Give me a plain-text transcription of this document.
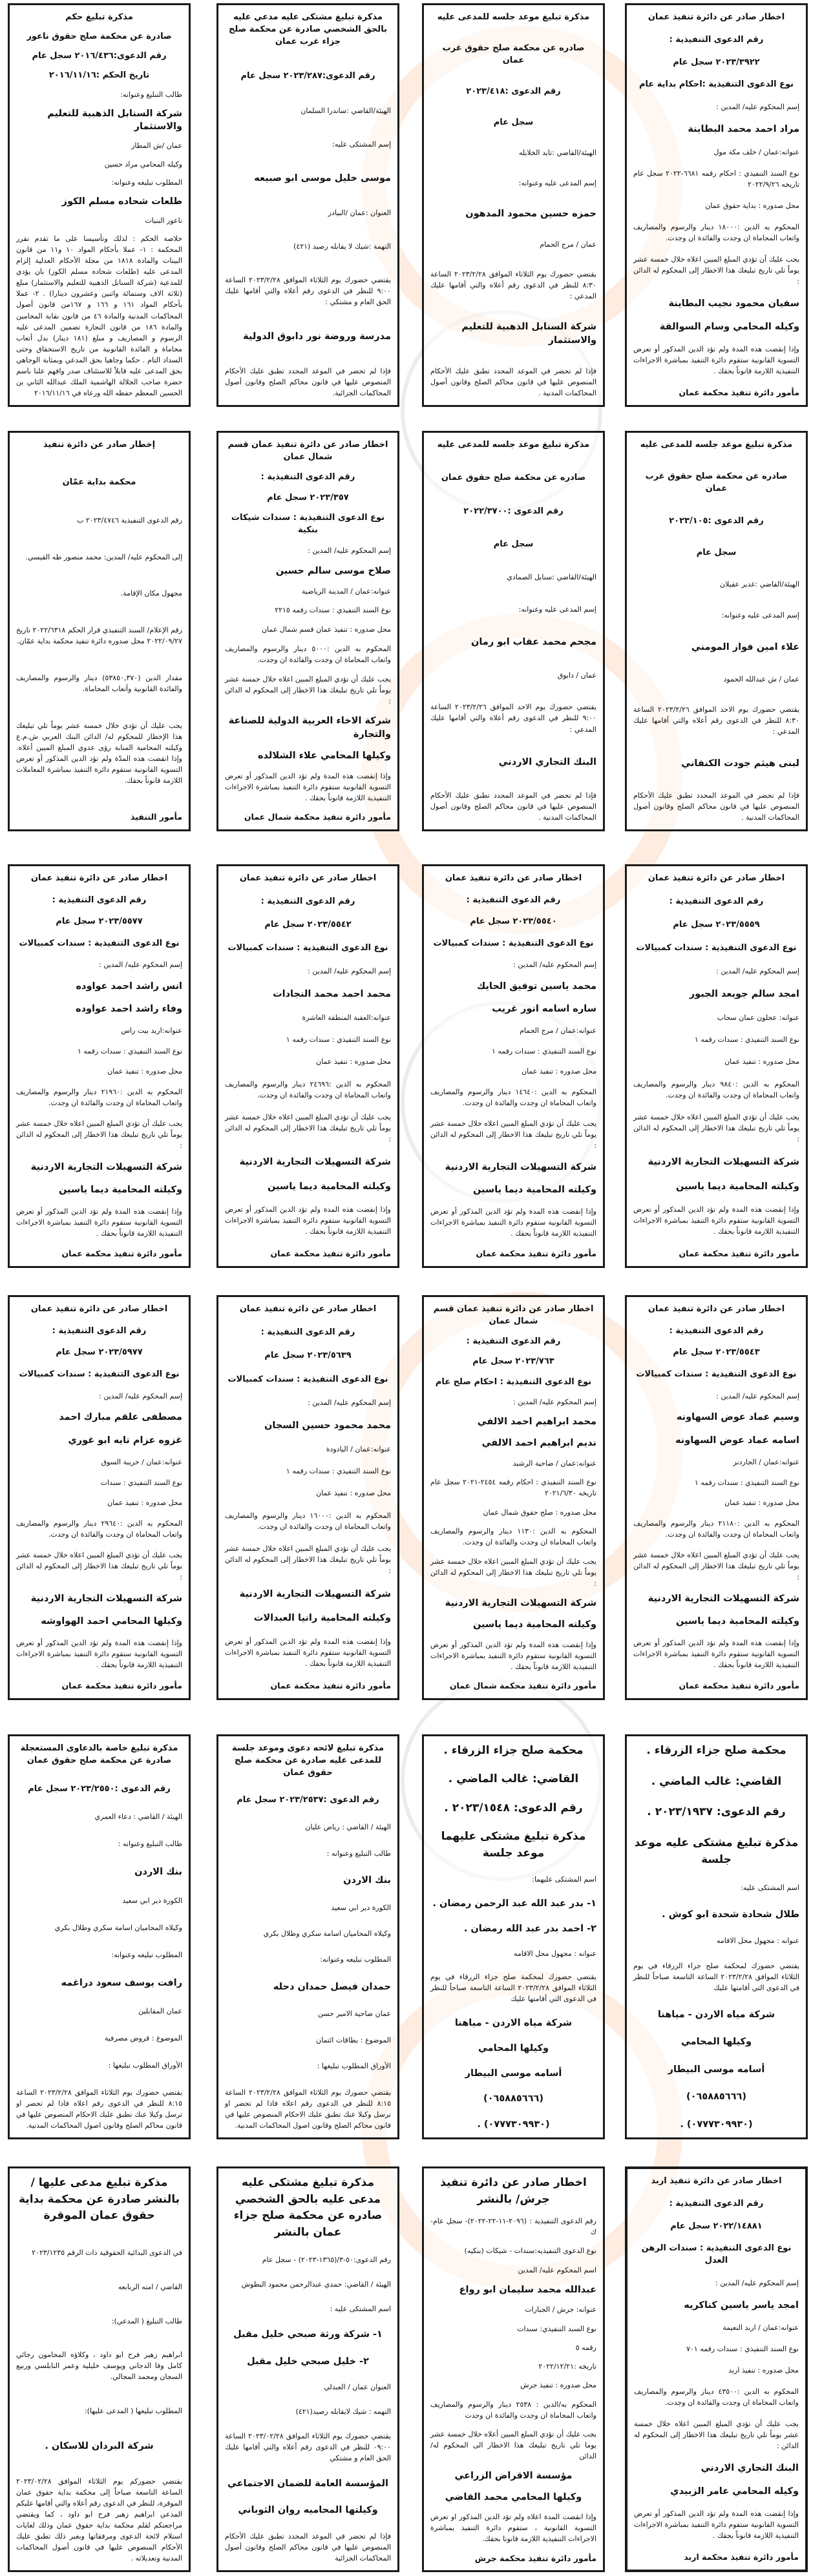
اخطار صادر عن دائرة تنفيذ عمان
رقم الدعوى التنفيذية :
٢٠٢٣/٣٩٢٢ سجل عام
نوع الدعوى التنفيذية :احكام بداية عام
إسم المحكوم عليه/ المدين :
مراد احمد محمد البطاينة
عنوانه:عمان / خلف مكة مول
نوع السند التنفيذي : احكام رقمه ٦٦٨١-٢٠٢٢ سجل عام تاريخه ٢٠٢٢/٩/٢٦
محل صدوره : بداية حقوق عمان
المحكوم به الدين :١٨٠٠٠ دينار والرسوم والمصاريف واتعاب المحاماة ان وجدت والفائدة ان وجدت.
يجب عليك أن تؤدي المبلغ المبين اعلاه خلال خمسة عشر يوماً تلي تاريخ تبليغك هذا الاخطار إلى المحكوم له الدائن :
سفيان محمود نجيب البطاينة
وكيله المحامي وسام السوالقة
وإذا إنقضت هذه المدة ولم تؤد الدين المذكور أو تعرض التسوية القانونية ستقوم دائرة التنفيذ بمباشرة الاجراءات التنفيذية اللازمة قانوناً بحقك .
مأمور دائرة تنفيذ محكمة عمان
مذكرة تبليغ موعد جلسه للمدعى عليه
صادره عن محكمة صلح حقوق غرب عمان
رقم الدعوى :٢٠٢٣/٤١٨
سجل عام
الهيئة/القاضي :تايد الخلايله
إسم المدعى عليه وعنوانه:
حمزه حسين محمود المدهون
عمان / مرج الحمام
يقتضي حضورك يوم الثلاثاء الموافق ٢٠٢٣/٢/٢٨ الساعة ٨:٣٠ للنظر في الدعوى رقم أعلاه والتي أقامها عليك المدعي :
شركة السنابل الذهبية للتعليم والاستثمار
فإذا لم تحضر في الموعد المحدد تطبق عليك الأحكام المنصوص عليها في قانون محاكم الصلح وقانون أصول المحاكمات المدنية .
مذكرة تبليغ مشتكى عليه مدعي عليه بالحق الشخصي صادرة عن محكمة صلح جزاء غرب عمان
رقم الدعوى:٢٠٢٣/٢٨٧ سجل عام
الهيئة/القاضي :ساندرا السلمان
إسم المشتكى عليه:
موسى خليل موسى ابو صبيعه
العنوان :عمان /البيادر
التهمة :شيك لا يقابله رصيد (٤٢١)
يقتضي حضورك يوم الثلاثاء الموافق ٢٠٢٣/٢/٢٨ الساعة ٩:٠٠ للنظر في الدعوى رقم أعلاه والتي أقامها عليك الحق العام و مشتكي :
مدرسة وروضة نور دابوق الدولية
فإذا لم تحضر في الموعد المحدد تطبق عليك الأحكام المنصوص عليها في قانون محاكم الصلح وقانون أصول المحاكمات الجزائية.
مذكرة تبليغ حكم
صادرة عن محكمة صلح حقوق ناعور
رقم الدعوى:٢٠١٦/٤٣٦ سجل عام
تاريخ الحكم :٢٠١٦/١١/١٦
طالب التبليغ وعنوانه:
شركة السنابل الذهبية للتعليم والاستثمار
عمان /ش المطار
وكيله المحامي مراد حسين
المطلوب تبليغه وعنوانه:
طلعات شحاده مسلم الكوز
ناعور البنيات
خلاصة الحكم : لذلك وتأسيسا على ما تقدم تقرر المحكمة : ١- عملا بأحكام المواد ١٠ و١١ من قانون البينات والمادة ١٨١٨ من مجلة الأحكام العدلية إلزام المدعى عليه (طلعات شحاده مسلم الكوز) بان يؤدي للمدعية (شركة السنابل الذهبية للتعليم والاستثمار) مبلغ (ثلاثة الاف وستمائة واثنين وعشرون دينارا) . ٢- عملا بأحكام المواد ١٦١ و ١٦٦ و ١٦٧من قانون أصول المحاكمات المدنية والمادة ٤٦ من قانون نقابة المحامين والمادة ١٨٦ من قانون التجارة تضمين المدعى عليه الرسوم و المصاريف و مبلغ (١٨١ دينار) بدل أتعاب محاماة و الفائدة القانونية من تاريخ الاستحقاق وحتى السداد التام . حكما وجاهيا بحق المدعي وبمثابة الوجاهي بحق المدعى عليه قابلاً للاستئناف صدر وافهم علنا باسم حضرة صاحب الجلالة الهاشمية الملك عبدالله الثاني بن الحسين المعظم حفظه الله ورعاه في ٢٠١٦/١١/١٦
مذكرة تبليغ موعد جلسه للمدعى عليه
صادره عن محكمة صلح حقوق غرب عمان
رقم الدعوى :٢٠٢٣/١٠٥
سجل عام
الهيئة/القاضي :غدير عقيلان
إسم المدعى عليه وعنوانه:
علاء امين فواز المومني
عمان / ش عبدالله الحمود
يقتضي حضورك يوم الاحد الموافق ٢٠٢٣/٢/٢٦ الساعة ٨:٣٠ للنظر في الدعوى رقم أعلاه والتي أقامها عليك المدعي :
لبنى هيثم جودت الكنفاني
فإذا لم تحضر في الموعد المحدد تطبق عليك الأحكام المنصوص عليها في قانون محاكم الصلح وقانون أصول المحاكمات المدنية .
مذكرة تبليغ موعد جلسه للمدعى عليه
صادره عن محكمة صلح حقوق عمان
رقم الدعوى :٢٠٢٢/٣٧٠٠
سجل عام
الهيئة/القاضي :سنابل الصمادي
إسم المدعى عليه وعنوانه:
مجحم محمد عقاب ابو رمان
عمان / دابوق
يقتضي حضورك يوم الاحد الموافق ٢٠٢٣/٢/٢٦ الساعة ٩:٠٠ للنظر في الدعوى رقم أعلاه والتي أقامها عليك المدعي :
البنك التجاري الاردني
فإذا لم تحضر في الموعد المحدد تطبق عليك الأحكام المنصوص عليها في قانون محاكم الصلح وقانون أصول المحاكمات المدنية .
اخطار صادر عن دائرة تنفيذ عمان قسم شمال عمان
رقم الدعوى التنفيذية :
٢٠٢٣/٣٥٧ سجل عام
نوع الدعوى التنفيذية : سندات شيكات بنكية
إسم المحكوم عليه/ المدين :
صلاح موسى سالم حسين
عنوانه:عمان / المدينة الرياضية
نوع السند التنفيذي : سندات رقمه ٢٢١٥
محل صدوره : تنفيذ عمان قسم شمال عمان
المحكوم به الدين :٥٠٠٠ دينار والرسوم والمصاريف واتعاب المحاماة ان وجدت والفائدة ان وجدت.
يجب عليك أن تؤدي المبلغ المبين اعلاه خلال خمسة عشر يوماً تلي تاريخ تبليغك هذا الاخطار إلى المحكوم له الدائن :
شركة الاخاء العربية الدولية للصناعة والتجارة
وكيلها المحامي علاء الشلالده
وإذا إنقضت هذه المدة ولم تؤد الدين المذكور أو تعرض التسوية القانونية ستقوم دائرة التنفيذ بمباشرة الاجراءات التنفيذية اللازمة قانوناً بحقك .
مأمور دائرة تنفيذ محكمة شمال عمان
إخطار صادر عن دائرة تنفيذ
محكمة بداية عمّان
رقم الدعوى التنفيذية ٢٠٢٣/٤٧٤٦ ب
إلى المحكوم عليه/ المدين: محمد منصور طه القيسي.
مجهول مكان الإقامة.
رقم الإعلام/ السند التنفيذي قرار الحكم ٢٠٢٢/٦٣١٨ تاريخ ٢٠٢٢/٠٩/٢٧ محل صدوره دائرة تنفيذ محكمة بداية عمّان.
مقدار الدين (٥٣٨٥٠,٣٧٠) دينار والرسوم والمصاريف والفائدة القانونية وأتعاب المحاماة.
يجب عليك أن تؤدي خلال خمسة عشر يوماً تلي تبليغك هذا الإخطار للمحكوم له/ الدائن البنك العربي ش.م.ع وكيلته المحامية المنابة رؤى عدوي المبلغ المبين أعلاه. وإذا انقضت هذه المدّة ولم تؤد الدين المذكور أو تعرض التسوية القانونية ستقوم دائرة التنفيذ بمباشرة المعاملات اللازمة قانوناً بحقك.
مأمور التنفيذ
اخطار صادر عن دائرة تنفيذ عمان
رقم الدعوى التنفيذية :
٢٠٢٣/٥٥٥٩ سجل عام
نوع الدعوى التنفيذية : سندات كمبيالات
إسم المحكوم عليه/ المدين :
امجد سالم جويعد الجبور
عنوانه: عجلون عمان سحاب
نوع السند التنفيذي : سندات رقمه ١
محل صدوره : تنفيذ عمان
المحكوم به الدين :٩٨٤٠ دينار والرسوم والمصاريف واتعاب المحاماة ان وجدت والفائدة ان وجدت.
يجب عليك أن تؤدي المبلغ المبين اعلاه خلال خمسة عشر يوماً تلي تاريخ تبليغك هذا الاخطار إلى المحكوم له الدائن :
شركة التسهيلات التجارية الاردنية
وكيلته المحامية ديما ياسين
وإذا إنقضت هذه المدة ولم تؤد الدين المذكور أو تعرض التسوية القانونية ستقوم دائرة التنفيذ بمباشرة الاجراءات التنفيذية اللازمة قانوناً بحقك .
مأمور دائرة تنفيذ محكمة عمان
اخطار صادر عن دائرة تنفيذ عمان
رقم الدعوى التنفيذية :
٢٠٢٣/٥٥٤٠ سجل عام
نوع الدعوى التنفيذية : سندات كمبيالات
إسم المحكوم عليه/ المدين :
محمد ياسين توفيق الحايك
ساره اسامه انور غريب
عنوانه:عمان / مرج الحمام
نوع السند التنفيذي : سندات رقمه ١
محل صدوره : تنفيذ عمان
المحكوم به الدين :١٤٦٤٠ دينار والرسوم والمصاريف واتعاب المحاماة ان وجدت والفائدة ان وجدت.
يجب عليك أن تؤدي المبلغ المبين اعلاه خلال خمسة عشر يوماً تلي تاريخ تبليغك هذا الاخطار إلى المحكوم له الدائن :
شركة التسهيلات التجارية الاردنية
وكيلته المحامية ديما ياسين
وإذا إنقضت هذه المدة ولم تؤد الدين المذكور أو تعرض التسوية القانونية ستقوم دائرة التنفيذ بمباشرة الاجراءات التنفيذية اللازمة قانوناً بحقك .
مأمور دائرة تنفيذ محكمة عمان
اخطار صادر عن دائرة تنفيذ عمان
رقم الدعوى التنفيذية :
٢٠٢٣/٥٥٤٢ سجل عام
نوع الدعوى التنفيذية : سندات كمبيالات
إسم المحكوم عليه/ المدين :
محمد احمد محمد النجادات
عنوانه:العقبة المنطقة العاشرة
نوع السند التنفيذي : سندات رقمه ١
محل صدوره : تنفيذ عمان
المحكوم به الدين :٢٤٦٩٦ دينار والرسوم والمصاريف واتعاب المحاماة ان وجدت والفائدة ان وجدت.
يجب عليك أن تؤدي المبلغ المبين اعلاه خلال خمسة عشر يوماً تلي تاريخ تبليغك هذا الاخطار إلى المحكوم له الدائن :
شركة التسهيلات التجارية الاردنية
وكيلته المحامية ديما ياسين
وإذا إنقضت هذه المدة ولم تؤد الدين المذكور أو تعرض التسوية القانونية ستقوم دائرة التنفيذ بمباشرة الاجراءات التنفيذية اللازمة قانوناً بحقك .
مأمور دائرة تنفيذ محكمة عمان
اخطار صادر عن دائرة تنفيذ عمان
رقم الدعوى التنفيذية :
٢٠٢٣/٥٥٧٧ سجل عام
نوع الدعوى التنفيذية : سندات كمبيالات
إسم المحكوم عليه/ المدين :
انس راشد احمد عواوده
وفاء راشد احمد عواوده
عنوانه:اربد بيت راس
نوع السند التنفيذي : سندات رقمه ١
محل صدوره : تنفيذ عمان
المحكوم به الدين :٢١٩٦٠ دينار والرسوم والمصاريف واتعاب المحاماة ان وجدت والفائدة ان وجدت.
يجب عليك أن تؤدي المبلغ المبين اعلاه خلال خمسة عشر يوماً تلي تاريخ تبليغك هذا الاخطار إلى المحكوم له الدائن :
شركة التسهيلات التجارية الاردنية
وكيلته المحامية ديما ياسين
وإذا إنقضت هذه المدة ولم تؤد الدين المذكور أو تعرض التسوية القانونية ستقوم دائرة التنفيذ بمباشرة الاجراءات التنفيذية اللازمة قانوناً بحقك .
مأمور دائرة تنفيذ محكمة عمان
اخطار صادر عن دائرة تنفيذ عمان
رقم الدعوى التنفيذية :
٢٠٢٣/٥٥٤٣ سجل عام
نوع الدعوى التنفيذية : سندات كمبيالات
إسم المحكوم عليه/ المدين :
وسيم عماد عوض السهاونه
اسامه عماد عوض السهاونه
عنوانه:عمان / الجاردنز
نوع السند التنفيذي : سندات رقمه ١
محل صدوره : تنفيذ عمان
المحكوم به الدين :٢١١٨٠ دينار والرسوم والمصاريف واتعاب المحاماة ان وجدت والفائدة ان وجدت.
يجب عليك أن تؤدي المبلغ المبين اعلاه خلال خمسة عشر يوماً تلي تاريخ تبليغك هذا الاخطار إلى المحكوم له الدائن :
شركة التسهيلات التجارية الاردنية
وكيلته المحامية ديما ياسين
وإذا إنقضت هذه المدة ولم تؤد الدين المذكور أو تعرض التسوية القانونية ستقوم دائرة التنفيذ بمباشرة الاجراءات التنفيذية اللازمة قانوناً بحقك .
مأمور دائرة تنفيذ محكمة عمان
اخطار صادر عن دائرة تنفيذ عمان قسم شمال عمان
رقم الدعوى التنفيذية :
٢٠٢٣/٧٦٣ سجل عام
نوع الدعوى التنفيذية : احكام صلح عام
إسم المحكوم عليه/ المدين :
محمد ابراهيم احمد الالفي
نديم ابراهيم احمد الالفي
عنوانه:عمان / ضاحية الرشيد
نوع السند التنفيذي : احكام رقمه ٢٤٥٤-٢٠٢١ سجل عام تاريخه ٢٠٢١/٦/٣٠
محل صدوره : صلح حقوق شمال عمان
المحكوم به الدين :١١٣٠ دينار والرسوم والمصاريف واتعاب المحاماة ان وجدت والفائدة ان وجدت.
يجب عليك أن تؤدي المبلغ المبين اعلاه خلال خمسة عشر يوماً تلي تاريخ تبليغك هذا الاخطار إلى المحكوم له الدائن :
شركة التسهيلات التجارية الاردنية
وكيلته المحامية ديما ياسين
وإذا إنقضت هذه المدة ولم تؤد الدين المذكور أو تعرض التسوية القانونية ستقوم دائرة التنفيذ بمباشرة الاجراءات التنفيذية اللازمة قانوناً بحقك .
مأمور دائرة تنفيذ محكمة شمال عمان
اخطار صادر عن دائرة تنفيذ عمان
رقم الدعوى التنفيذية :
٢٠٢٣/٥٦٣٩ سجل عام
نوع الدعوى التنفيذية : سندات كمبيالات
إسم المحكوم عليه/ المدين :
محمد محمود حسين السجان
عنوانه:عمان / اليادودة
نوع السند التنفيذي : سندات رقمه ١
محل صدوره : تنفيذ عمان
المحكوم به الدين :١٦٠٠٠ دينار والرسوم والمصاريف واتعاب المحاماة ان وجدت والفائدة ان وجدت.
يجب عليك أن تؤدي المبلغ المبين اعلاه خلال خمسة عشر يوماً تلي تاريخ تبليغك هذا الاخطار إلى المحكوم له الدائن :
شركة التسهيلات التجارية الاردنية
وكيلته المحامية رانيا العبدالات
وإذا إنقضت هذه المدة ولم تؤد الدين المذكور أو تعرض التسوية القانونية ستقوم دائرة التنفيذ بمباشرة الاجراءات التنفيذية اللازمة قانوناً بحقك .
مأمور دائرة تنفيذ محكمة عمان
اخطار صادر عن دائرة تنفيذ عمان
رقم الدعوى التنفيذية :
٢٠٢٣/٥٩٧٧ سجل عام
نوع الدعوى التنفيذية : سندات كمبيالات
إسم المحكوم عليه/ المدين :
مصطفى علقم مبارك احمد
غزوه عزام تايه ابو غوري
عنوانه:عمان / خريبة السوق
نوع السند التنفيذي : سندات
محل صدوره : تنفيذ عمان
المحكوم به الدين :٢٩٦٤٠ دينار والرسوم والمصاريف واتعاب المحاماة ان وجدت والفائدة ان وجدت.
يجب عليك أن تؤدي المبلغ المبين اعلاه خلال خمسة عشر يوماً تلي تاريخ تبليغك هذا الاخطار إلى المحكوم له الدائن :
شركة التسهيلات التجارية الاردنية
وكيلها المحامي احمد الهواوشه
وإذا إنقضت هذه المدة ولم تؤد الدين المذكور أو تعرض التسوية القانونية ستقوم دائرة التنفيذ بمباشرة الاجراءات التنفيذية اللازمة قانوناً بحقك .
مأمور دائرة تنفيذ محكمة عمان
محكمة صلح جزاء الزرقاء .
القاضي: غالب الماضي .
رقم الدعوى: ٢٠٢٣/١٩٣٧ .
مذكرة تبليغ مشتكى عليه موعد جلسة
اسم المشتكى عليه:
طلال شحادة شحدة ابو كوش .
عنوانه : مجهول محل الاقامه
يقتضي حضورك لمحكمة صلح جزاء الزرقاء في يوم الثلاثاء الموافق ٢٠٢٣/٢/٢٨ الساعة التاسعة صباحاً للنظر في الدعوى التي أقامتها عليك
شركة مياه الاردن - مياهنا
وكيلها المحامي
أسامه موسى البيطار
(٠٦٥٨٨٥٦٦٦)
(٠٧٧٧٣٠٩٩٣٠) .
محكمة صلح جزاء الزرقاء .
القاضي: غالب الماضي .
رقم الدعوى: ٢٠٢٣/١٥٤٨ .
مذكرة تبليغ مشتكى عليهما موعد جلسة
اسم المشتكى عليهما:
١- بدر عبد الله عبد الرحمن رمضان .
٢- احمد بدر عبد الله رمضان .
عنوانه : مجهول محل الاقامه
يقتضي حضورك لمحكمة صلح جزاء الزرقاء في يوم الثلاثاء الموافق ٢٠٢٣/٢/٢٨ الساعة التاسعة صباحاً للنظر في الدعوى التي أقامتها عليك
شركة مياه الاردن - مياهنا
وكيلها المحامي
أسامه موسى البيطار
(٠٦٥٨٨٥٦٦٦)
(٠٧٧٧٣٠٩٩٣٠) .
مذكرة تبليغ لائحه دعوى وموعد جلسة للمدعى عليه صادرة عن محكمة صلح حقوق عمان
رقم الدعوى :٢٠٢٣/٢٥٣٧ سجل عام
الهيئة / القاضي : رياض عليان
طالب التبليغ وعنوانه :
بنك الاردن
الكورة دير ابي سعيد
وكيلاه المحاميان اسامة سكري وطلال بكري
المطلوب تبليغه وعنوانه:
حمدان فيصل حمدان دحله
عمان ضاحية الامير حسن
الموضوع : بطاقات ائتمان
الأوراق المطلوب تبليغها :
يقتضي حضورك يوم الثلاثاء الموافق ٢٠٢٣/٢/٢٨ الساعة ٨:١٥ للنظر في الدعوى رقم اعلاه فاذا لم تحضر او ترسل وكيلا عنك تطبق عليك الاحكام المنصوص عليها في قانون محاكم الصلح وقانون اصول المحاكمات المدنية.
مذكرة تبليغ خاصة بالدعاوى المستعجلة صادرة عن محكمة صلح حقوق عمان
رقم الدعوى :٢٠٢٣/٢٥٥٠ سجل عام
الهيئة / القاضي : دعاء العمري
طالب التبليغ وعنوانه :
بنك الاردن
الكورة دير ابي سعيد
وكيلاه المحاميان اسامة سكري وطلال بكري
المطلوب تبليغه وعنوانه:
رافت يوسف سعود دراغمه
عمان المقابلين
الموضوع : قروض مصرفية
الأوراق المطلوب تبليغها :
يقتضي حضورك يوم الثلاثاء الموافق ٢٠٢٣/٢/٢٨ الساعة ٨:١٥ للنظر في الدعوى رقم اعلاه فاذا لم تحضر او ترسل وكيلا عنك تطبق عليك الاحكام المنصوص عليها في قانون محاكم الصلح وقانون اصول المحاكمات المدنية.
اخطار صادر عن دائرة تنفيذ اربد
رقم الدعوى التنفيذية :
٢٠٢٢/١٤٨٨١ سجل عام
نوع الدعوى التنفيذية : سندات الرهن العدل
إسم المحكوم عليه/ المدين :
امجد ياسر ياسين كناكريه
عنوانه:عمان / اربد النعيمة
نوع السند التنفيذي : سندات رقمه ٧٠١
محل صدوره : تنفيذ اربد
المحكوم به الدين :٤٣٥٠٠ دينار والرسوم والمصاريف واتعاب المحاماة ان وجدت والفائدة ان وجدت.
يجب عليك أن تؤدي المبلغ المبين اعلاه خلال خمسة عشر يوماً تلي تاريخ تبليغك هذا الاخطار إلى المحكوم له الدائن :
البنك التجاري الاردني
وكيله المحامي عامر الزبيدي
وإذا إنقضت هذه المدة ولم تؤد الدين المذكور أو تعرض التسوية القانونية ستقوم دائرة التنفيذ بمباشرة الاجراءات التنفيذية اللازمة قانوناً بحقك .
مأمور دائرة تنفيذ محكمة اربد
اخطار صادر عن دائرة تنفيذ جرش/ بالنشر
رقم الدعوى التنفيذية : (٢٠٩٦-١١-٢٢-٢٠٢٢)- سجل عام- ك
نوع الدعوى التنفيذيه:سندات - شيكات (بنكيه)
اسم المحكوم عليه/ المدين
عبدالله محمد سليمان ابو رواع
عنوانه: جرش / الجبارات
نوع السند التنفيذي: سندات
رقمه ٥
تاريخه :٢٠٢٢/١٢/٢١
محل صدوره : تنفيذ جرش
المحكوم به/الدين : ٢٥٣٨ دينار والرسوم والمصاريف واتعاب المحاماة ان وجدت والفائدة ان وجدت
يجب عليك أن تؤدي المبلغ المبين أعلاه خلال خمسة عشر يوما تلي تاريخ تبليغك هذا الاخطار الى المحكوم له/ الدائن
مؤسسة الاقراض الزراعي
وكيلها المحامي محمد القاضي
وإذا انقضت المدة اعلاه ولم تؤد الدين المذكور او تعرض التسوية القانونية ، ستقوم دائرة التنفيذ بمباشرة الاجراءات التنفيذية اللازمة قانونا بحقك.
مأمور دائرة تنفيذ محكمة جرش
مذكرة تبليغ مشتكى عليه مدعى عليه بالحق الشخصي صادره عن محكمة صلح جزاء عمان بالنشر
رقم الدعوى:٥٠-٣/(١٣٦٥-٢٠٢٣) - سجل عام
الهيئة / القاضي: حمدي عبدالرحمن محمود البطوش
اسم المشتكى عليه :
١- شركة ورثة صبحي خليل مقبل
٢- خليل صبحي خليل مقبل
العنوان عمان / العبدلي
التهمه : شيك لايقابله رصيد(٤٢١)
يقتضي حضورك يوم الثلاثاء الموافق ٢٠٢٣/٠٢/٢٨ الساعة ٠٩:٠٠ للنظر في الدعوى رقم أعلاه والتي أقامها عليك الحق العام و مشتكي
المؤسسة العامة للضمان الاجتماعي
وكيلتها المحاميه روان الثوباني
فإذا لم تحضر في الموعد المحدد تطبق عليك الأحكام المنصوص عليها في قانون محاكم الصلح وقانون أصول المحاكمات الجزائية
مذكرة تبليغ مدعى عليها / بالنشر صادرة عن محكمة بداية حقوق عمان الموقرة
في الدعوى البدائية الحقوقية ذات الرقم ٢٠٢٣/١٢٣٥
القاضي / امنه الربابعه
طالب التبليغ ( المدعي):
ابراهيم زهير فرح ابو داود ، وكلاؤه المحامون رجائي كامل وفا الدجاني ويوسف خليلية وعمر النابلسي وربيع السجان ومحمد المجالي.
المطلوب تبليغها ( المدعى عليها):
شركة البردان للاسكان .
يقتضي حضوركم يوم الثلاثاء الموافق ٢٠٢٣/٠٢/٢٨ الساعة التاسعة صباحاً إلى محكمة بداية حقوق عمان الموقرة، للنظر في الدعوى رقم أعلاه والتي أقامها عليكم المدعي ابراهيم زهير فرح ابو داود ، كما ويقتضي مراجعتكم لقلم محكمة بداية حقوق عمان وذلك لغايات استلام لائحة الدعوى ومرفقاتها وبغير ذلك تطبق عليك الأحكام المنصوص عليها في قانون أصول المحاكمات المدنية وتعديلاته .
